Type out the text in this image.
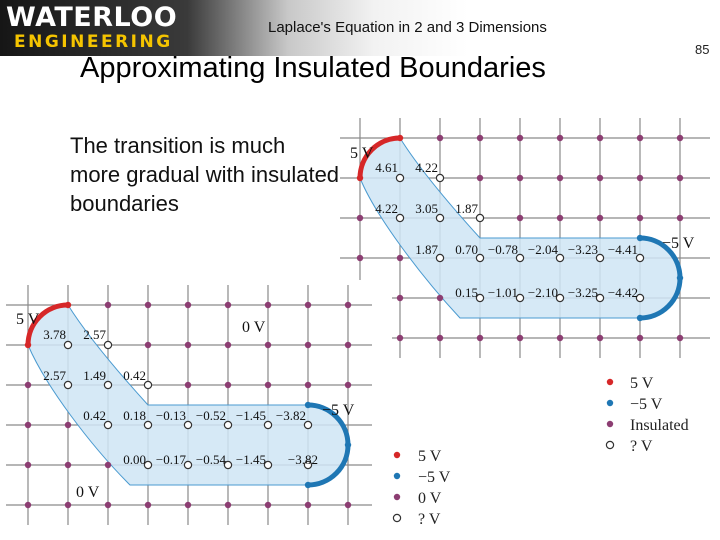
WATERLOO
ENGINEERING
Laplace's Equation in 2 and 3 Dimensions
85
Approximating Insulated Boundaries
The transition is much more gradual with insulated boundaries
4.61 4.22
4.22 3.05 1.87
1.87 0.70 −0.78 −2.04 −3.23 −4.41
0.15 −1.01 −2.10 −3.25 −4.42
5 V
−5 V
5 V
−5 V
Insulated
? V
3.78 2.57
2.57 1.49 0.42
0.42 0.18 −0.13 −0.52 −1.45 −3.82
0.00 −0.17 −0.54 −1.45 −3.82
5 V	0 V
−5 V
0 V
5 V
−5 V
0 V
? V
